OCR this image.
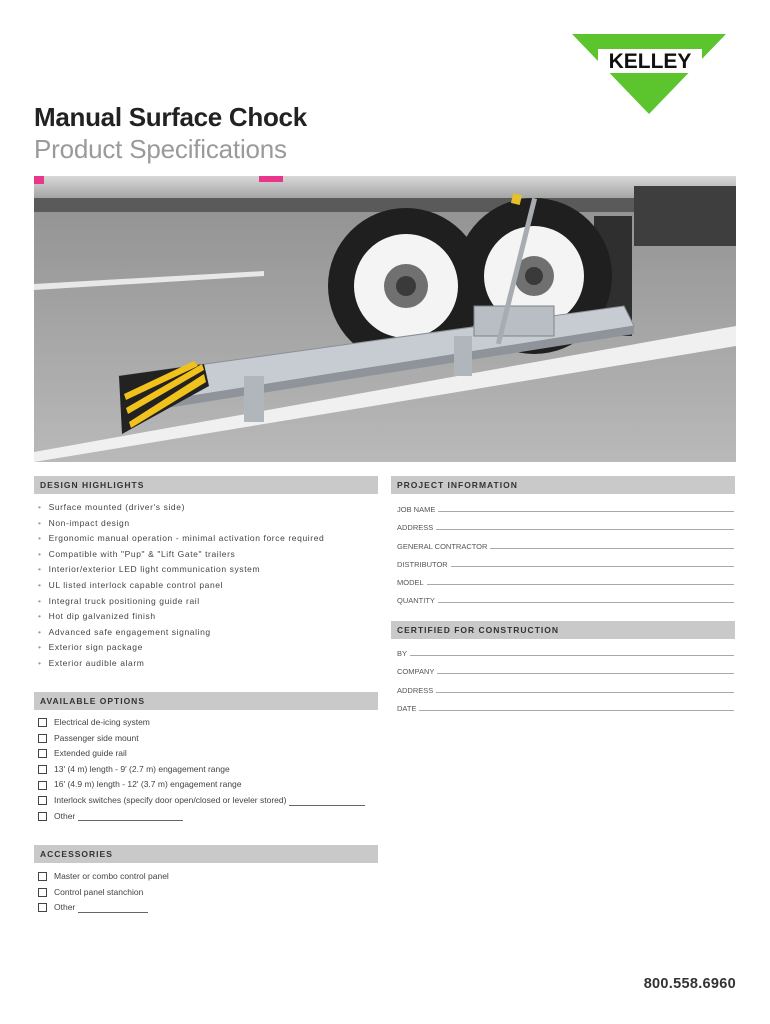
KELLEY
Manual Surface Chock
Product Specifications
DESIGN HIGHLIGHTS
• Surface mounted (driver's side)
• Non-impact design
• Ergonomic manual operation - minimal activation force required
• Compatible with "Pup" & "Lift Gate" trailers
• Interior/exterior LED light communication system
• UL listed interlock capable control panel
• Integral truck positioning guide rail
• Hot dip galvanized finish
• Advanced safe engagement signaling
• Exterior sign package
• Exterior audible alarm
AVAILABLE OPTIONS
Electrical de-icing system
Passenger side mount
Extended guide rail
13' (4 m) length - 9' (2.7 m) engagement range
16' (4.9 m) length - 12' (3.7 m) engagement range
Interlock switches (specify door open/closed or leveler stored)
Other
ACCESSORIES
Master or combo control panel
Control panel stanchion
Other
PROJECT INFORMATION
JOB NAME
ADDRESS
GENERAL CONTRACTOR
DISTRIBUTOR
MODEL
QUANTITY
CERTIFIED FOR CONSTRUCTION
BY
COMPANY
ADDRESS
DATE
800.558.6960
